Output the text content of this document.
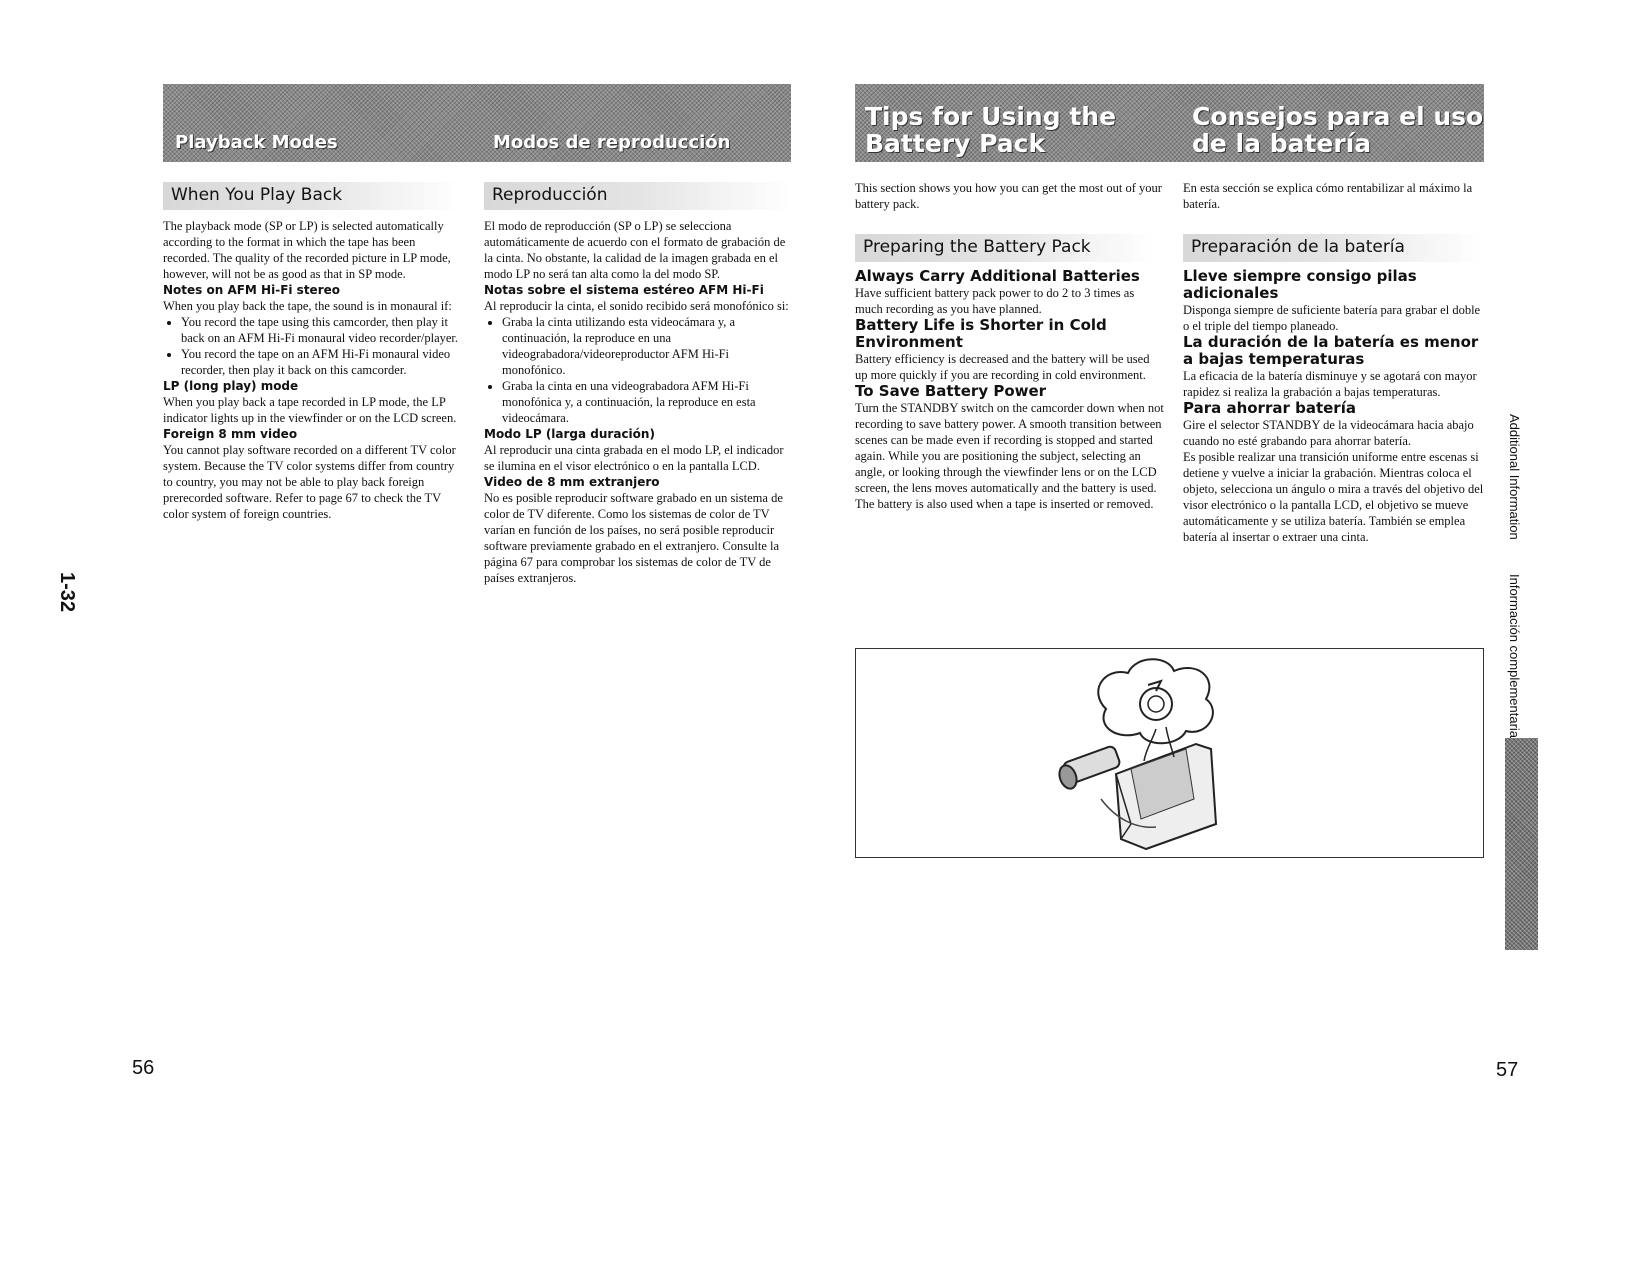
Playback Modes	Modos de reproducción
When You Play Back	Reproducción

The playback mode (SP or LP) is selected automatically according to the format in which the tape has been recorded. The quality of the recorded picture in LP mode, however, will not be as good as that in SP mode.

Notes on AFM Hi-Fi stereo

When you play back the tape, the sound is in monaural if:

• You record the tape using this camcorder, then play it back on an AFM Hi-Fi monaural video recorder/player.
• You record the tape on an AFM Hi-Fi monaural video recorder, then play it back on this camcorder.

LP (long play) mode

When you play back a tape recorded in LP mode, the LP indicator lights up in the viewfinder or on the LCD screen.

Foreign 8 mm video

You cannot play software recorded on a different TV color system. Because the TV color systems differ from country to country, you may not be able to play back foreign prerecorded software. Refer to page 67 to check the TV color system of foreign countries.

El modo de reproducción (SP o LP) se selecciona automáticamente de acuerdo con el formato de grabación de la cinta. No obstante, la calidad de la imagen grabada en el modo LP no será tan alta como la del modo SP.

Notas sobre el sistema estéreo AFM Hi-Fi

Al reproducir la cinta, el sonido recibido será monofónico si:

• Graba la cinta utilizando esta videocámara y, a continuación, la reproduce en una videograbadora/videoreproductor AFM Hi-Fi monofónico.
• Graba la cinta en una videograbadora AFM Hi-Fi monofónica y, a continuación, la reproduce en esta videocámara.

Modo LP (larga duración)

Al reproducir una cinta grabada en el modo LP, el indicador se ilumina en el visor electrónico o en la pantalla LCD.

Video de 8 mm extranjero

No es posible reproducir software grabado en un sistema de color de TV diferente. Como los sistemas de color de TV varían en función de los países, no será posible reproducir software previamente grabado en el extranjero. Consulte la página 67 para comprobar los sistemas de color de TV de países extranjeros.

1-32
56
Tips for Using the
Battery Pack
Consejos para el uso
de la batería

This section shows you how you can get the most out of your battery pack.

En esta sección se explica cómo rentabilizar al máximo la batería.

Preparing the Battery Pack	Preparación de la batería

Always Carry Additional Batteries

Have sufficient battery pack power to do 2 to 3 times as much recording as you have planned.

Battery Life is Shorter in Cold Environment

Battery efficiency is decreased and the battery will be used up more quickly if you are recording in cold environment.

To Save Battery Power

Turn the STANDBY switch on the camcorder down when not recording to save battery power. A smooth transition between scenes can be made even if recording is stopped and started again. While you are positioning the subject, selecting an angle, or looking through the viewfinder lens or on the LCD screen, the lens moves automatically and the battery is used. The battery is also used when a tape is inserted or removed.

Lleve siempre consigo pilas adicionales

Disponga siempre de suficiente batería para grabar el doble o el triple del tiempo planeado.

La duración de la batería es menor a bajas temperaturas

La eficacia de la batería disminuye y se agotará con mayor rapidez si realiza la grabación a bajas temperaturas.

Para ahorrar batería

Gire el selector STANDBY de la videocámara hacia abajo cuando no esté grabando para ahorrar batería.

Es posible realizar una transición uniforme entre escenas si detiene y vuelve a iniciar la grabación. Mientras coloca el objeto, selecciona un ángulo o mira a través del objetivo del visor electrónico o la pantalla LCD, el objetivo se mueve automáticamente y se utiliza batería. También se emplea batería al insertar o extraer una cinta.	Additional Information
Información complementaria
57
